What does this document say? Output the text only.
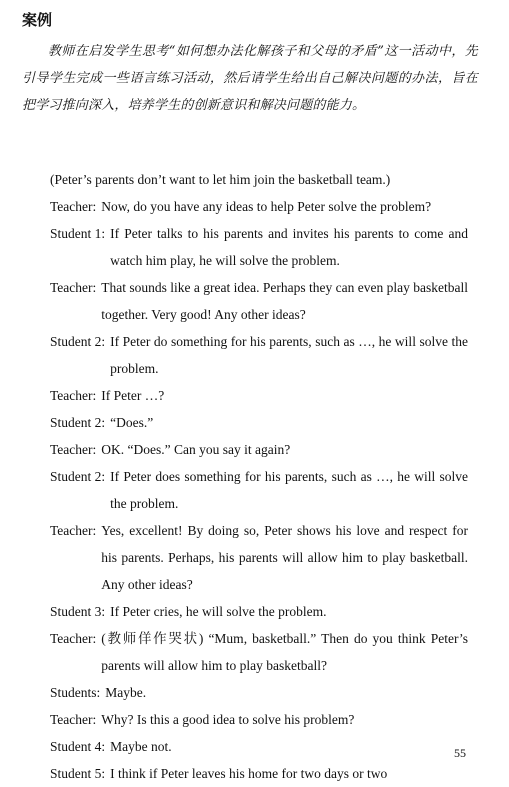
案例
教师在启发学生思考“如何想办法化解孩子和父母的矛盾”这一活动中，先引导学生完成一些语言练习活动，然后请学生给出自己解决问题的办法，旨在把学习推向深入，培养学生的创新意识和解决问题的能力。
(Peter’s parents don’t want to let him join the basketball team.)
Teacher: Now, do you have any ideas to help Peter solve the problem?
Student 1: If Peter talks to his parents and invites his parents to come and watch him play, he will solve the problem.
Teacher: That sounds like a great idea. Perhaps they can even play basketball together. Very good! Any other ideas?
Student 2: If Peter do something for his parents, such as …, he will solve the problem.
Teacher: If Peter …?
Student 2: “Does.”
Teacher: OK. “Does.” Can you say it again?
Student 2: If Peter does something for his parents, such as …, he will solve the problem.
Teacher: Yes, excellent! By doing so, Peter shows his love and respect for his parents. Perhaps, his parents will allow him to play basketball. Any other ideas?
Student 3: If Peter cries, he will solve the problem.
Teacher: (教师佯作哭状) “Mum, basketball.” Then do you think Peter’s parents will allow him to play basketball?
Students: Maybe.
Teacher: Why? Is this a good idea to solve his problem?
Student 4: Maybe not.
Student 5: I think if Peter leaves his home for two days or two
55
